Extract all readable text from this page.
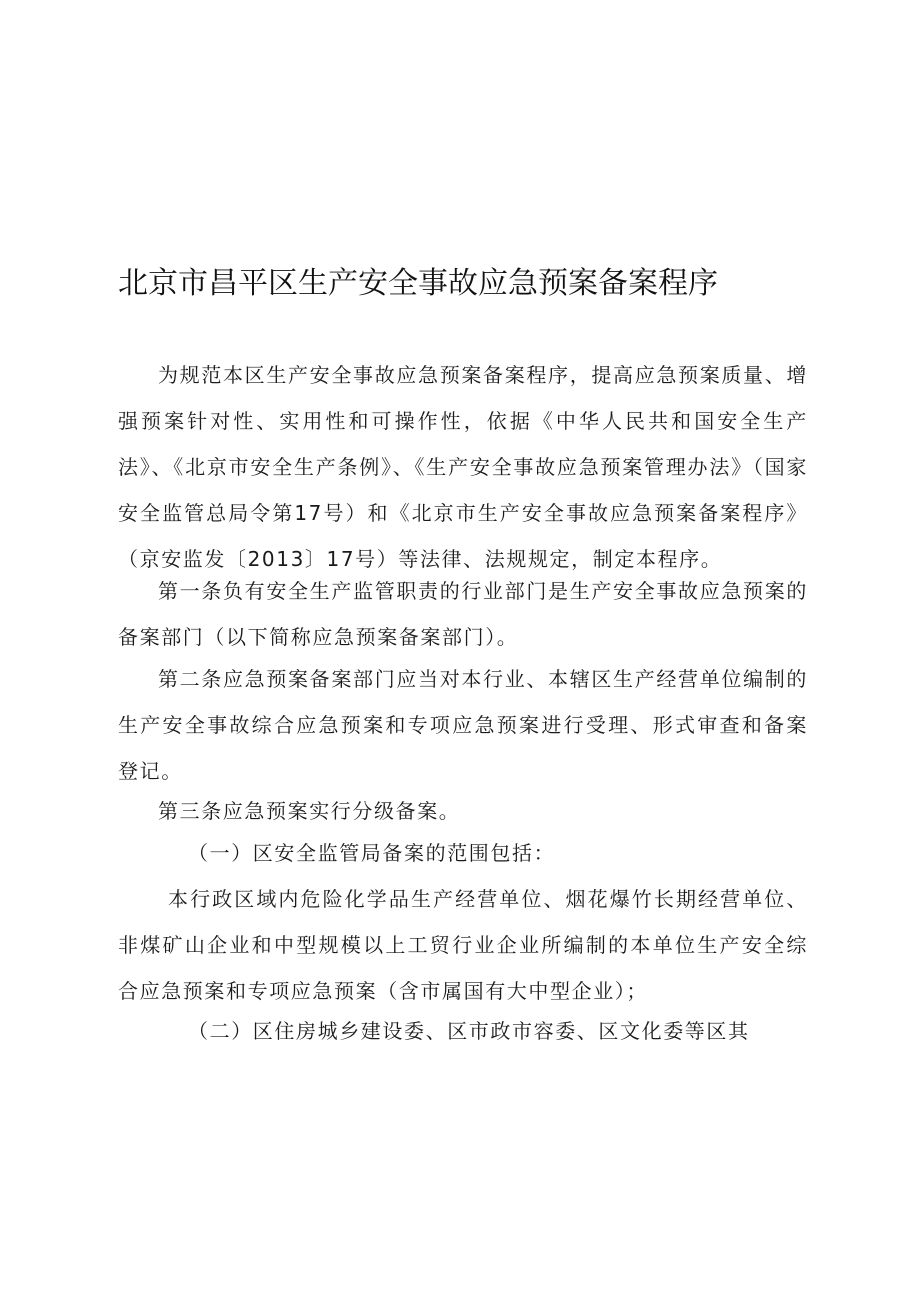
北京市昌平区生产安全事故应急预案备案程序
为规范本区生产安全事故应急预案备案程序，提高应急预案质量、增强预案针对性、实用性和可操作性，依据《中华人民共和国安全生产法》、《北京市安全生产条例》、《生产安全事故应急预案管理办法》（国家安全监管总局令第17号）和《北京市生产安全事故应急预案备案程序》（京安监发〔2013〕17号）等法律、法规规定，制定本程序。
第一条负有安全生产监管职责的行业部门是生产安全事故应急预案的备案部门（以下简称应急预案备案部门）。
第二条应急预案备案部门应当对本行业、本辖区生产经营单位编制的生产安全事故综合应急预案和专项应急预案进行受理、形式审查和备案登记。
第三条应急预案实行分级备案。
（一）区安全监管局备案的范围包括：
本行政区域内危险化学品生产经营单位、烟花爆竹长期经营单位、非煤矿山企业和中型规模以上工贸行业企业所编制的本单位生产安全综合应急预案和专项应急预案（含市属国有大中型企业）；
（二）区住房城乡建设委、区市政市容委、区文化委等区其
